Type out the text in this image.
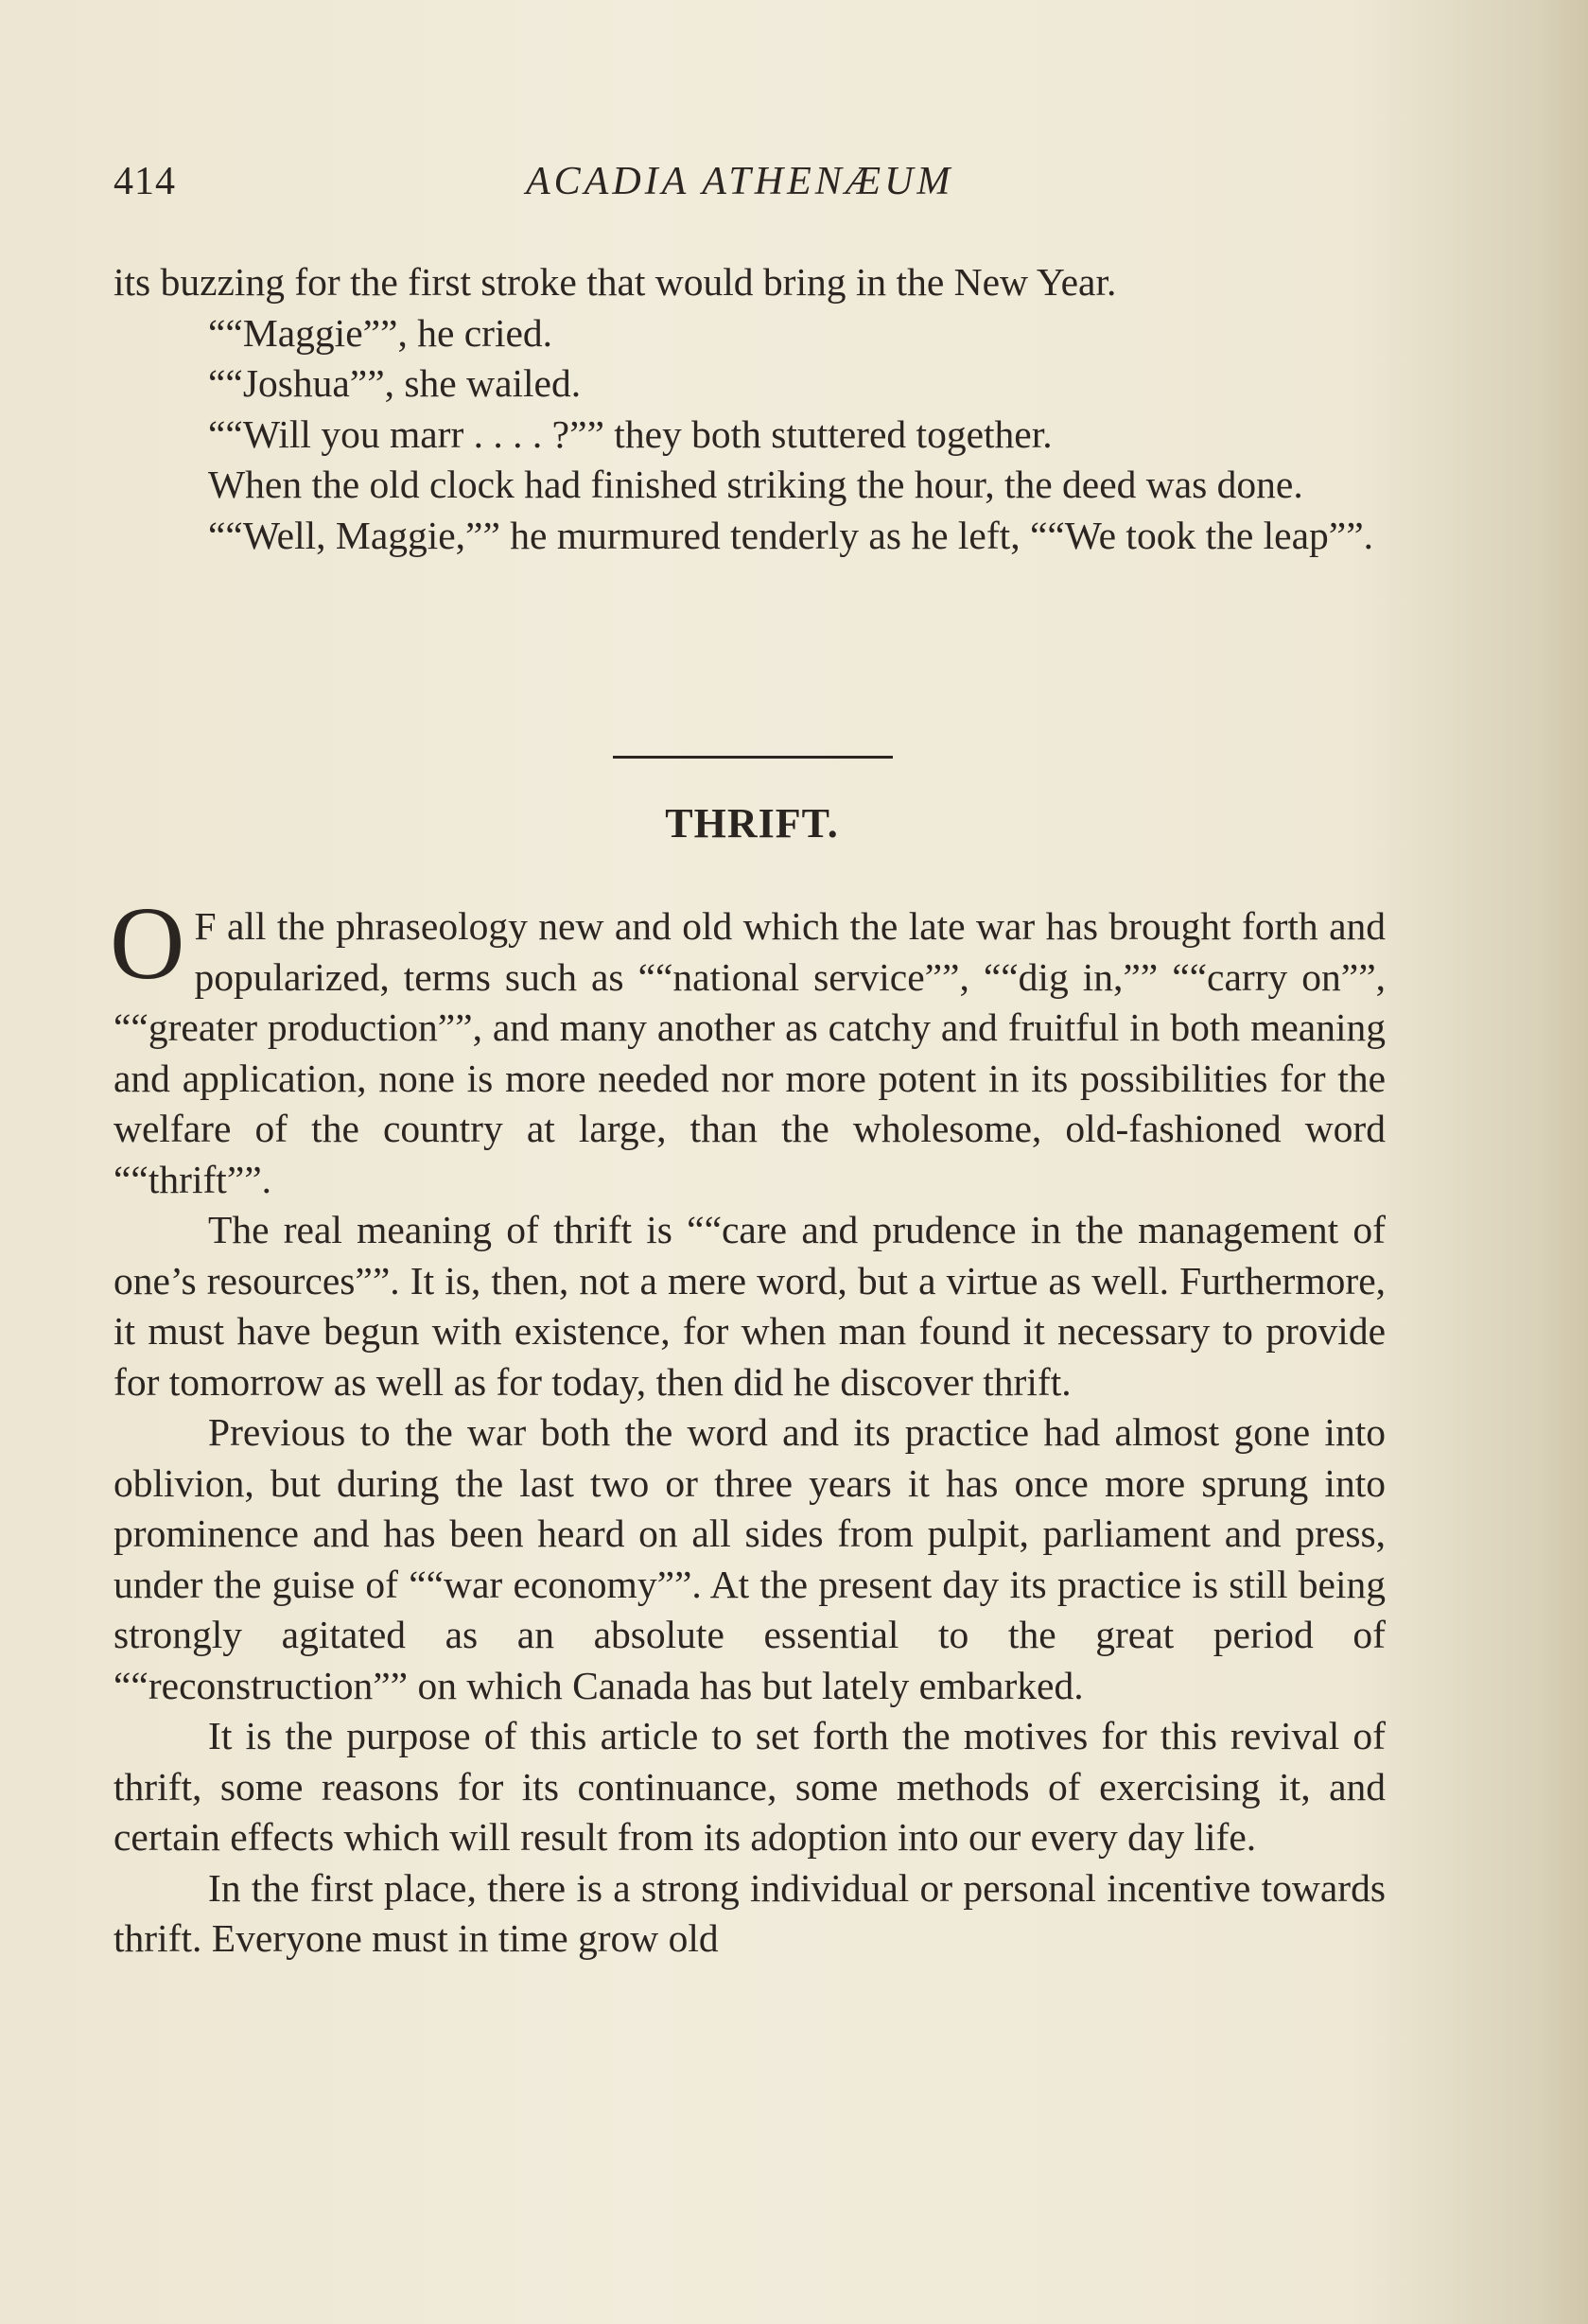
414	ACADIA ATHENÆUM

its buzzing for the first stroke that would bring in the New Year.

““Maggie””, he cried.

““Joshua””, she wailed.

““Will you marr . . . . ?”” they both stuttered together.

When the old clock had finished striking the hour, the deed was done.

““Well, Maggie,”” he murmured tenderly as he left, ““We took the leap””.

THRIFT.

O F all the phraseology new and old which the late war has brought forth and popularized, terms such as ““national service””, ““dig in,”” ““carry on””, ““greater production””, and many another as catchy and fruitful in both meaning and application, none is more needed nor more potent in its possibilities for the welfare of the country at large, than the wholesome, old-fashioned word ““thrift””.

The real meaning of thrift is ““care and prudence in the management of one’s resources””. It is, then, not a mere word, but a virtue as well. Furthermore, it must have begun with existence, for when man found it necessary to provide for tomorrow as well as for today, then did he discover thrift.

Previous to the war both the word and its practice had almost gone into oblivion, but during the last two or three years it has once more sprung into prominence and has been heard on all sides from pulpit, parliament and press, under the guise of ““war economy””. At the present day its practice is still being strongly agitated as an absolute essential to the great period of ““reconstruction”” on which Canada has but lately embarked.

It is the purpose of this article to set forth the motives for this revival of thrift, some reasons for its continuance, some methods of exercising it, and certain effects which will result from its adoption into our every day life.

In the first place, there is a strong individual or personal incentive towards thrift. Everyone must in time grow old
